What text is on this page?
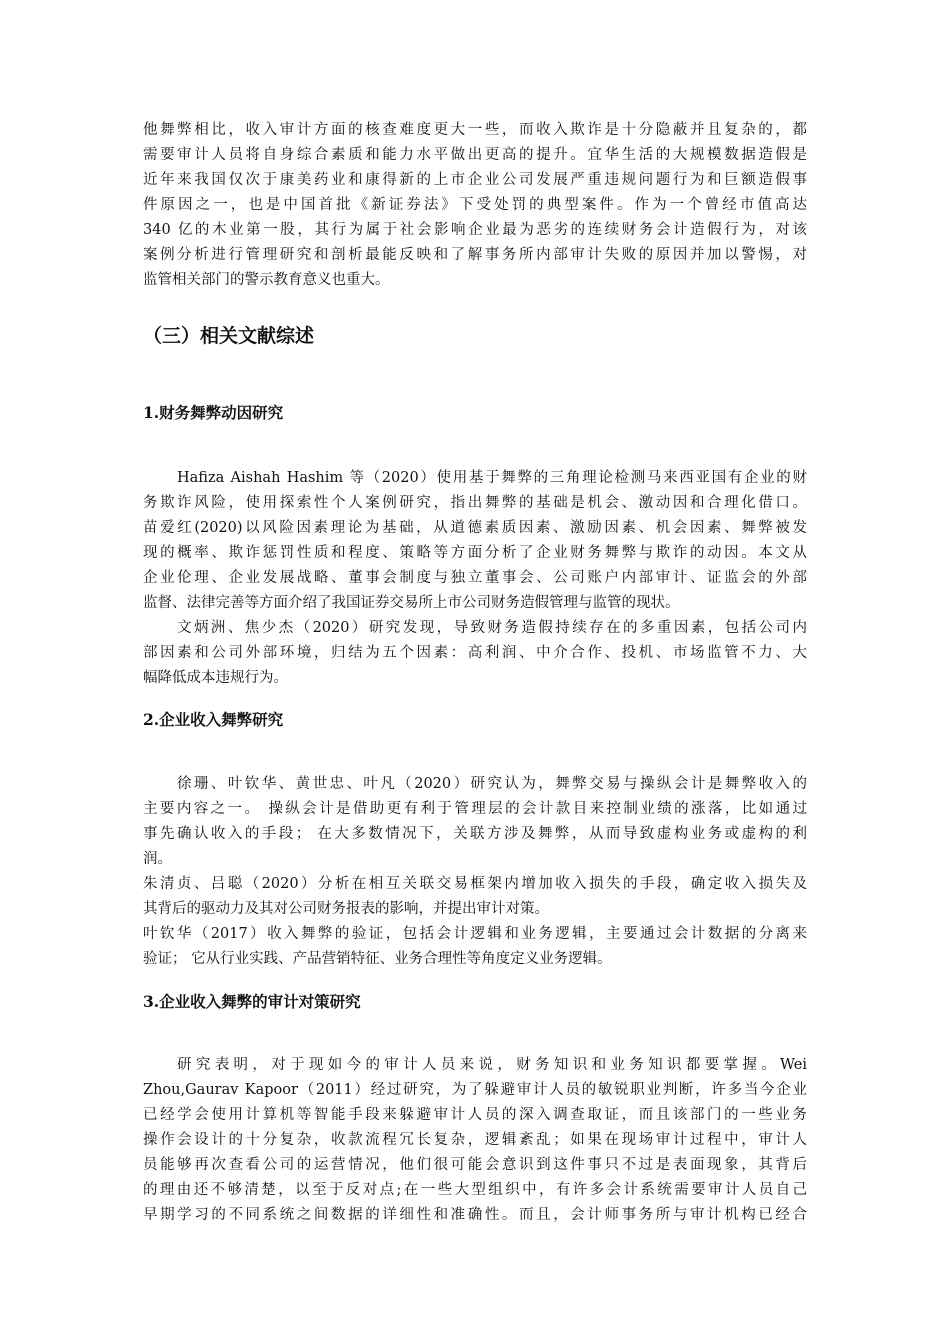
他舞弊相比，收入审计方面的核查难度更大一些，而收入欺诈是十分隐蔽并且复杂的，都
需要审计人员将自身综合素质和能力水平做出更高的提升。宜华生活的大规模数据造假是
近年来我国仅次于康美药业和康得新的上市企业公司发展严重违规问题行为和巨额造假事
件原因之一，也是中国首批《新证券法》下受处罚的典型案件。作为一个曾经市值高达
340 亿的木业第一股，其行为属于社会影响企业最为恶劣的连续财务会计造假行为，对该
案例分析进行管理研究和剖析最能反映和了解事务所内部审计失败的原因并加以警惕，对
监管相关部门的警示教育意义也重大。
（三）相关文献综述
1.财务舞弊动因研究
Hafiza Aishah Hashim 等（2020）使用基于舞弊的三角理论检测马来西亚国有企业的财
务欺诈风险，使用探索性个人案例研究，指出舞弊的基础是机会、激动因和合理化借口。
苗爱红(2020)以风险因素理论为基础，从道德素质因素、激励因素、机会因素、舞弊被发
现的概率、欺诈惩罚性质和程度、策略等方面分析了企业财务舞弊与欺诈的动因。本文从
企业伦理、企业发展战略、董事会制度与独立董事会、公司账户内部审计、证监会的外部
监督、法律完善等方面介绍了我国证券交易所上市公司财务造假管理与监管的现状。
文炳洲、焦少杰（2020）研究发现，导致财务造假持续存在的多重因素，包括公司内
部因素和公司外部环境，归结为五个因素：高利润、中介合作、投机、市场监管不力、大
幅降低成本违规行为。
2.企业收入舞弊研究
徐珊、叶钦华、黄世忠、叶凡（2020）研究认为，舞弊交易与操纵会计是舞弊收入的
主要内容之一。 操纵会计是借助更有利于管理层的会计款目来控制业绩的涨落，比如通过
事先确认收入的手段； 在大多数情况下，关联方涉及舞弊，从而导致虚构业务或虚构的利
润。
朱清贞、吕聪（2020）分析在相互关联交易框架内增加收入损失的手段，确定收入损失及
其背后的驱动力及其对公司财务报表的影响，并提出审计对策。
叶钦华（2017）收入舞弊的验证，包括会计逻辑和业务逻辑，主要通过会计数据的分离来
验证； 它从行业实践、产品营销特征、业务合理性等角度定义业务逻辑。
3.企业收入舞弊的审计对策研究
研究表明，对于现如今的审计人员来说，财务知识和业务知识都要掌握。Wei
Zhou,Gaurav Kapoor（2011）经过研究，为了躲避审计人员的敏锐职业判断，许多当今企业
已经学会使用计算机等智能手段来躲避审计人员的深入调查取证，而且该部门的一些业务
操作会设计的十分复杂，收款流程冗长复杂，逻辑紊乱；如果在现场审计过程中，审计人
员能够再次查看公司的运营情况，他们很可能会意识到这件事只不过是表面现象，其背后
的理由还不够清楚，以至于反对点;在一些大型组织中，有许多会计系统需要审计人员自己
早期学习的不同系统之间数据的详细性和准确性。而且，会计师事务所与审计机构已经合
